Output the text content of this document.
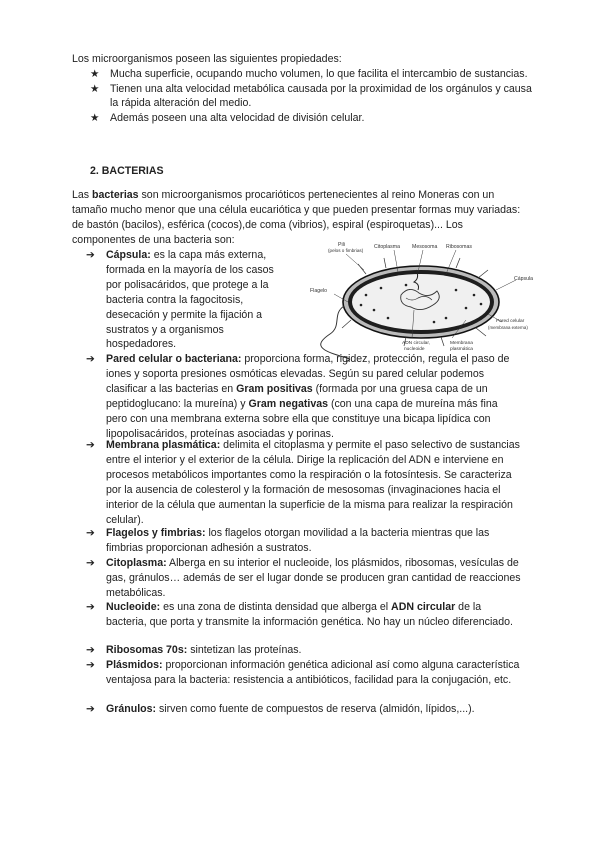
Los microorganismos poseen las siguientes propiedades:
★ Mucha superficie, ocupando mucho volumen, lo que facilita el intercambio de sustancias.
★ Tienen una alta velocidad metabólica causada por la proximidad de los orgánulos y causa la rápida alteración del medio.
★ Además poseen una alta velocidad de división celular.
2. BACTERIAS
Las bacterias son microorganismos procarióticos pertenecientes al reino Moneras con un tamaño mucho menor que una célula eucariótica y que pueden presentar formas muy variadas: de bastón (bacilos), esférica (cocos),de coma (vibrios), espiral (espiroquetas)... Los componentes de una bacteria son:
➔ Cápsula: es la capa más externa, formada en la mayoría de los casos por polisacáridos, que protege a la bacteria contra la fagocitosis, desecación y permite la fijación a sustratos y a organismos hospedadores.
Pili
(pelos o fimbrias)
Citoplasma Mesosoma Ribosomas
Cápsula
Flagelo
Pared celular
(membrana externa)
ADN circular,
nucleoide
Membrana
plasmática
➔ Pared celular o bacteriana: proporciona forma, rigidez, protección, regula el paso de iones y soporta presiones osmóticas elevadas. Según su pared celular podemos clasificar a las bacterias en Gram positivas (formada por una gruesa capa de un peptidoglucano: la mureína) y Gram negativas (con una capa de mureína más fina pero con una membrana externa sobre ella que constituye una bicapa lipídica con lipopolisacáridos, proteínas asociadas y porinas.
➔ Membrana plasmática: delimita el citoplasma y permite el paso selectivo de sustancias entre el interior y el exterior de la célula. Dirige la replicación del ADN e interviene en procesos metabólicos importantes como la respiración o la fotosíntesis. Se caracteriza por la ausencia de colesterol y la formación de mesosomas (invaginaciones hacia el interior de la célula que aumentan la superficie de la misma para realizar la respiración celular).
➔ Flagelos y fimbrias: los flagelos otorgan movilidad a la bacteria mientras que las fimbrias proporcionan adhesión a sustratos.
➔ Citoplasma: Alberga en su interior el nucleoide, los plásmidos, ribosomas, vesículas de gas, gránulos… además de ser el lugar donde se producen gran cantidad de reacciones metabólicas.
➔ Nucleoide: es una zona de distinta densidad que alberga el ADN circular de la bacteria, que porta y transmite la información genética. No hay un núcleo diferenciado.
➔ Ribosomas 70s: sintetizan las proteínas.
➔ Plásmidos: proporcionan información genética adicional así como alguna característica ventajosa para la bacteria: resistencia a antibióticos, facilidad para la conjugación, etc.
➔ Gránulos: sirven como fuente de compuestos de reserva (almidón, lípidos,...).
